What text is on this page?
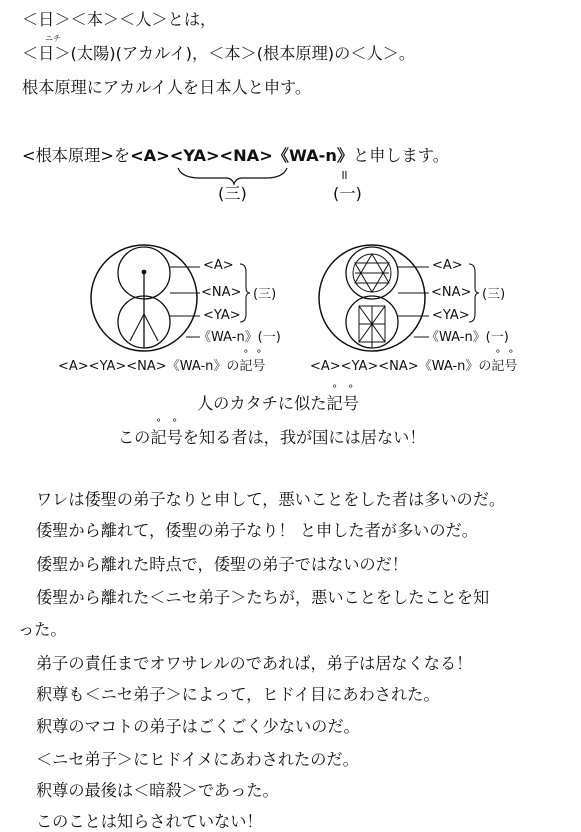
＜日＞＜本＞＜人＞とは，
ニチ
＜日＞(太陽)(アカルイ)，＜本＞(根本原理)の＜人＞。
根本原理にアカルイ人を日本人と申す。
<根本原理>を<A><YA><NA>《WA-n》と申します。
॥
(三)	(一)
<A>
<NA>
<YA>
(三)
《WA-n》(一)
<A>
<NA>
<YA>
(三)
《WA-n》(一)
<A><YA><NA>《WA-n》の° 記° 号	<A><YA><NA>《WA-n》の° 記° 号
人のカタチに似た° 記° 号
この° 記° 号を知る者は，我が国には居ない！
ワレは倭聖の弟子なりと申して，悪いことをした者は多いのだ。
倭聖から離れて，倭聖の弟子なり！ と申した者が多いのだ。
倭聖から離れた時点で，倭聖の弟子ではないのだ！
倭聖から離れた＜ニセ弟子＞たちが，悪いことをしたことを知
った。
弟子の責任までオワサレルのであれば，弟子は居なくなる！
釈尊も＜ニセ弟子＞によって，ヒドイ目にあわされた。
釈尊のマコトの弟子はごくごく少ないのだ。
＜ニセ弟子＞にヒドイメにあわされたのだ。
釈尊の最後は＜暗殺＞であった。
このことは知らされていない！
